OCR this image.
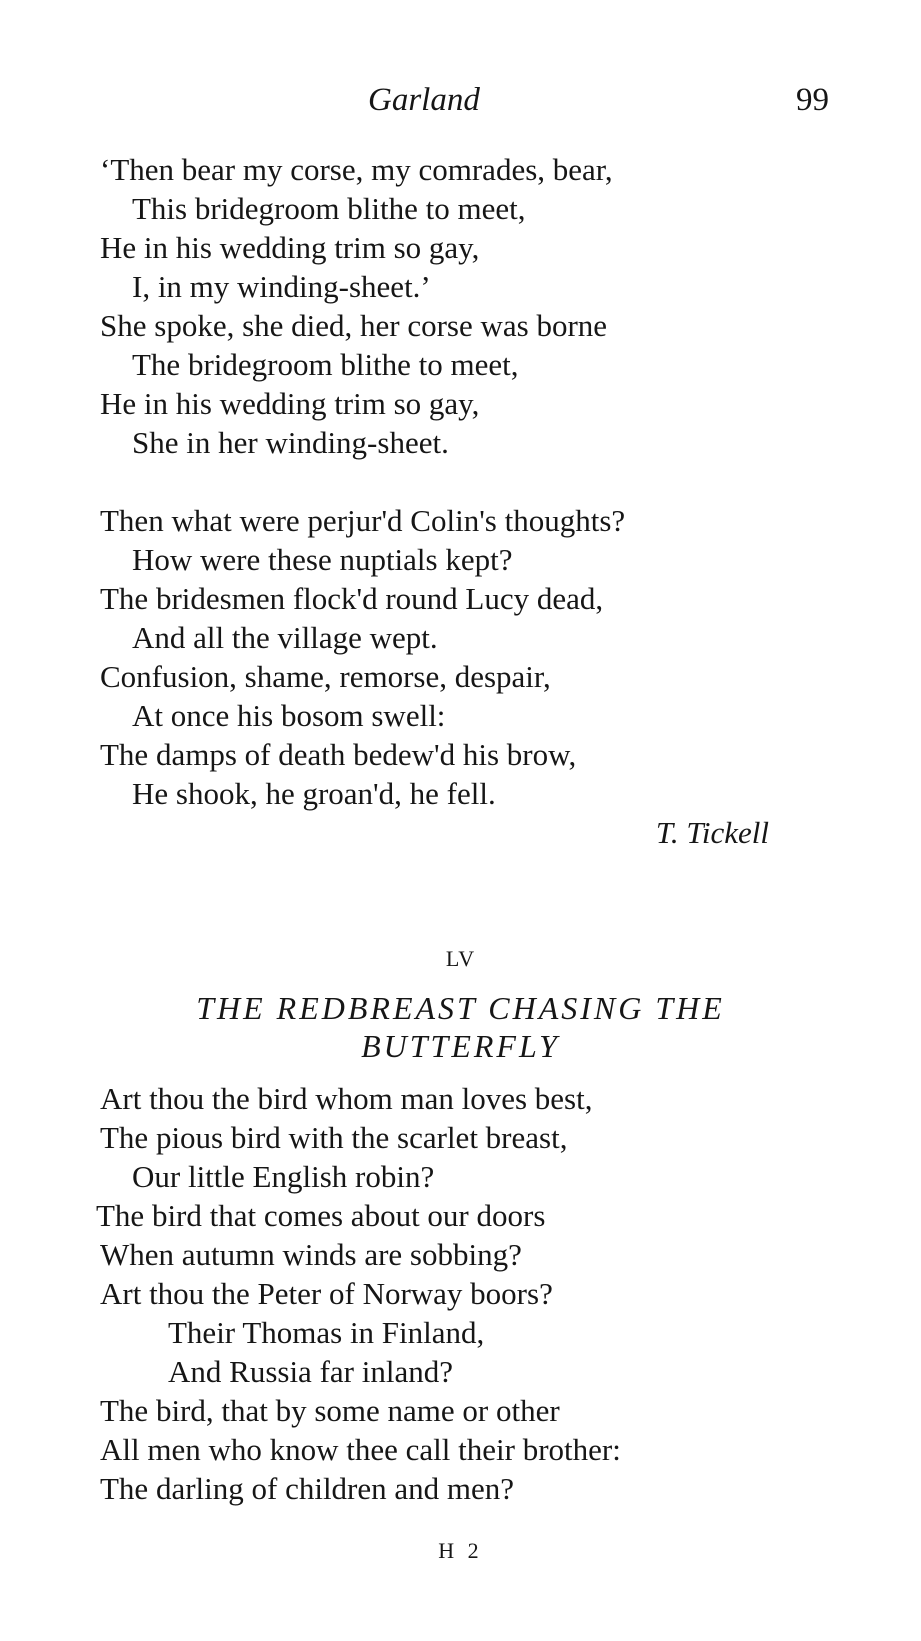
Garland	99
‘Then bear my corse, my comrades, bear,
This bridegroom blithe to meet,
He in his wedding trim so gay,
I, in my winding-sheet.’
She spoke, she died, her corse was borne
The bridegroom blithe to meet,
He in his wedding trim so gay,
She in her winding-sheet.
Then what were perjur'd Colin's thoughts?
How were these nuptials kept?
The bridesmen flock'd round Lucy dead,
And all the village wept.
Confusion, shame, remorse, despair,
At once his bosom swell:
The damps of death bedew'd his brow,
He shook, he groan'd, he fell.
T. Tickell
LV
THE REDBREAST CHASING THE
BUTTERFLY
Art thou the bird whom man loves best,
The pious bird with the scarlet breast,
Our little English robin?
The bird that comes about our doors
When autumn winds are sobbing?
Art thou the Peter of Norway boors?
Their Thomas in Finland,
And Russia far inland?
The bird, that by some name or other
All men who know thee call their brother:
The darling of children and men?
H 2
